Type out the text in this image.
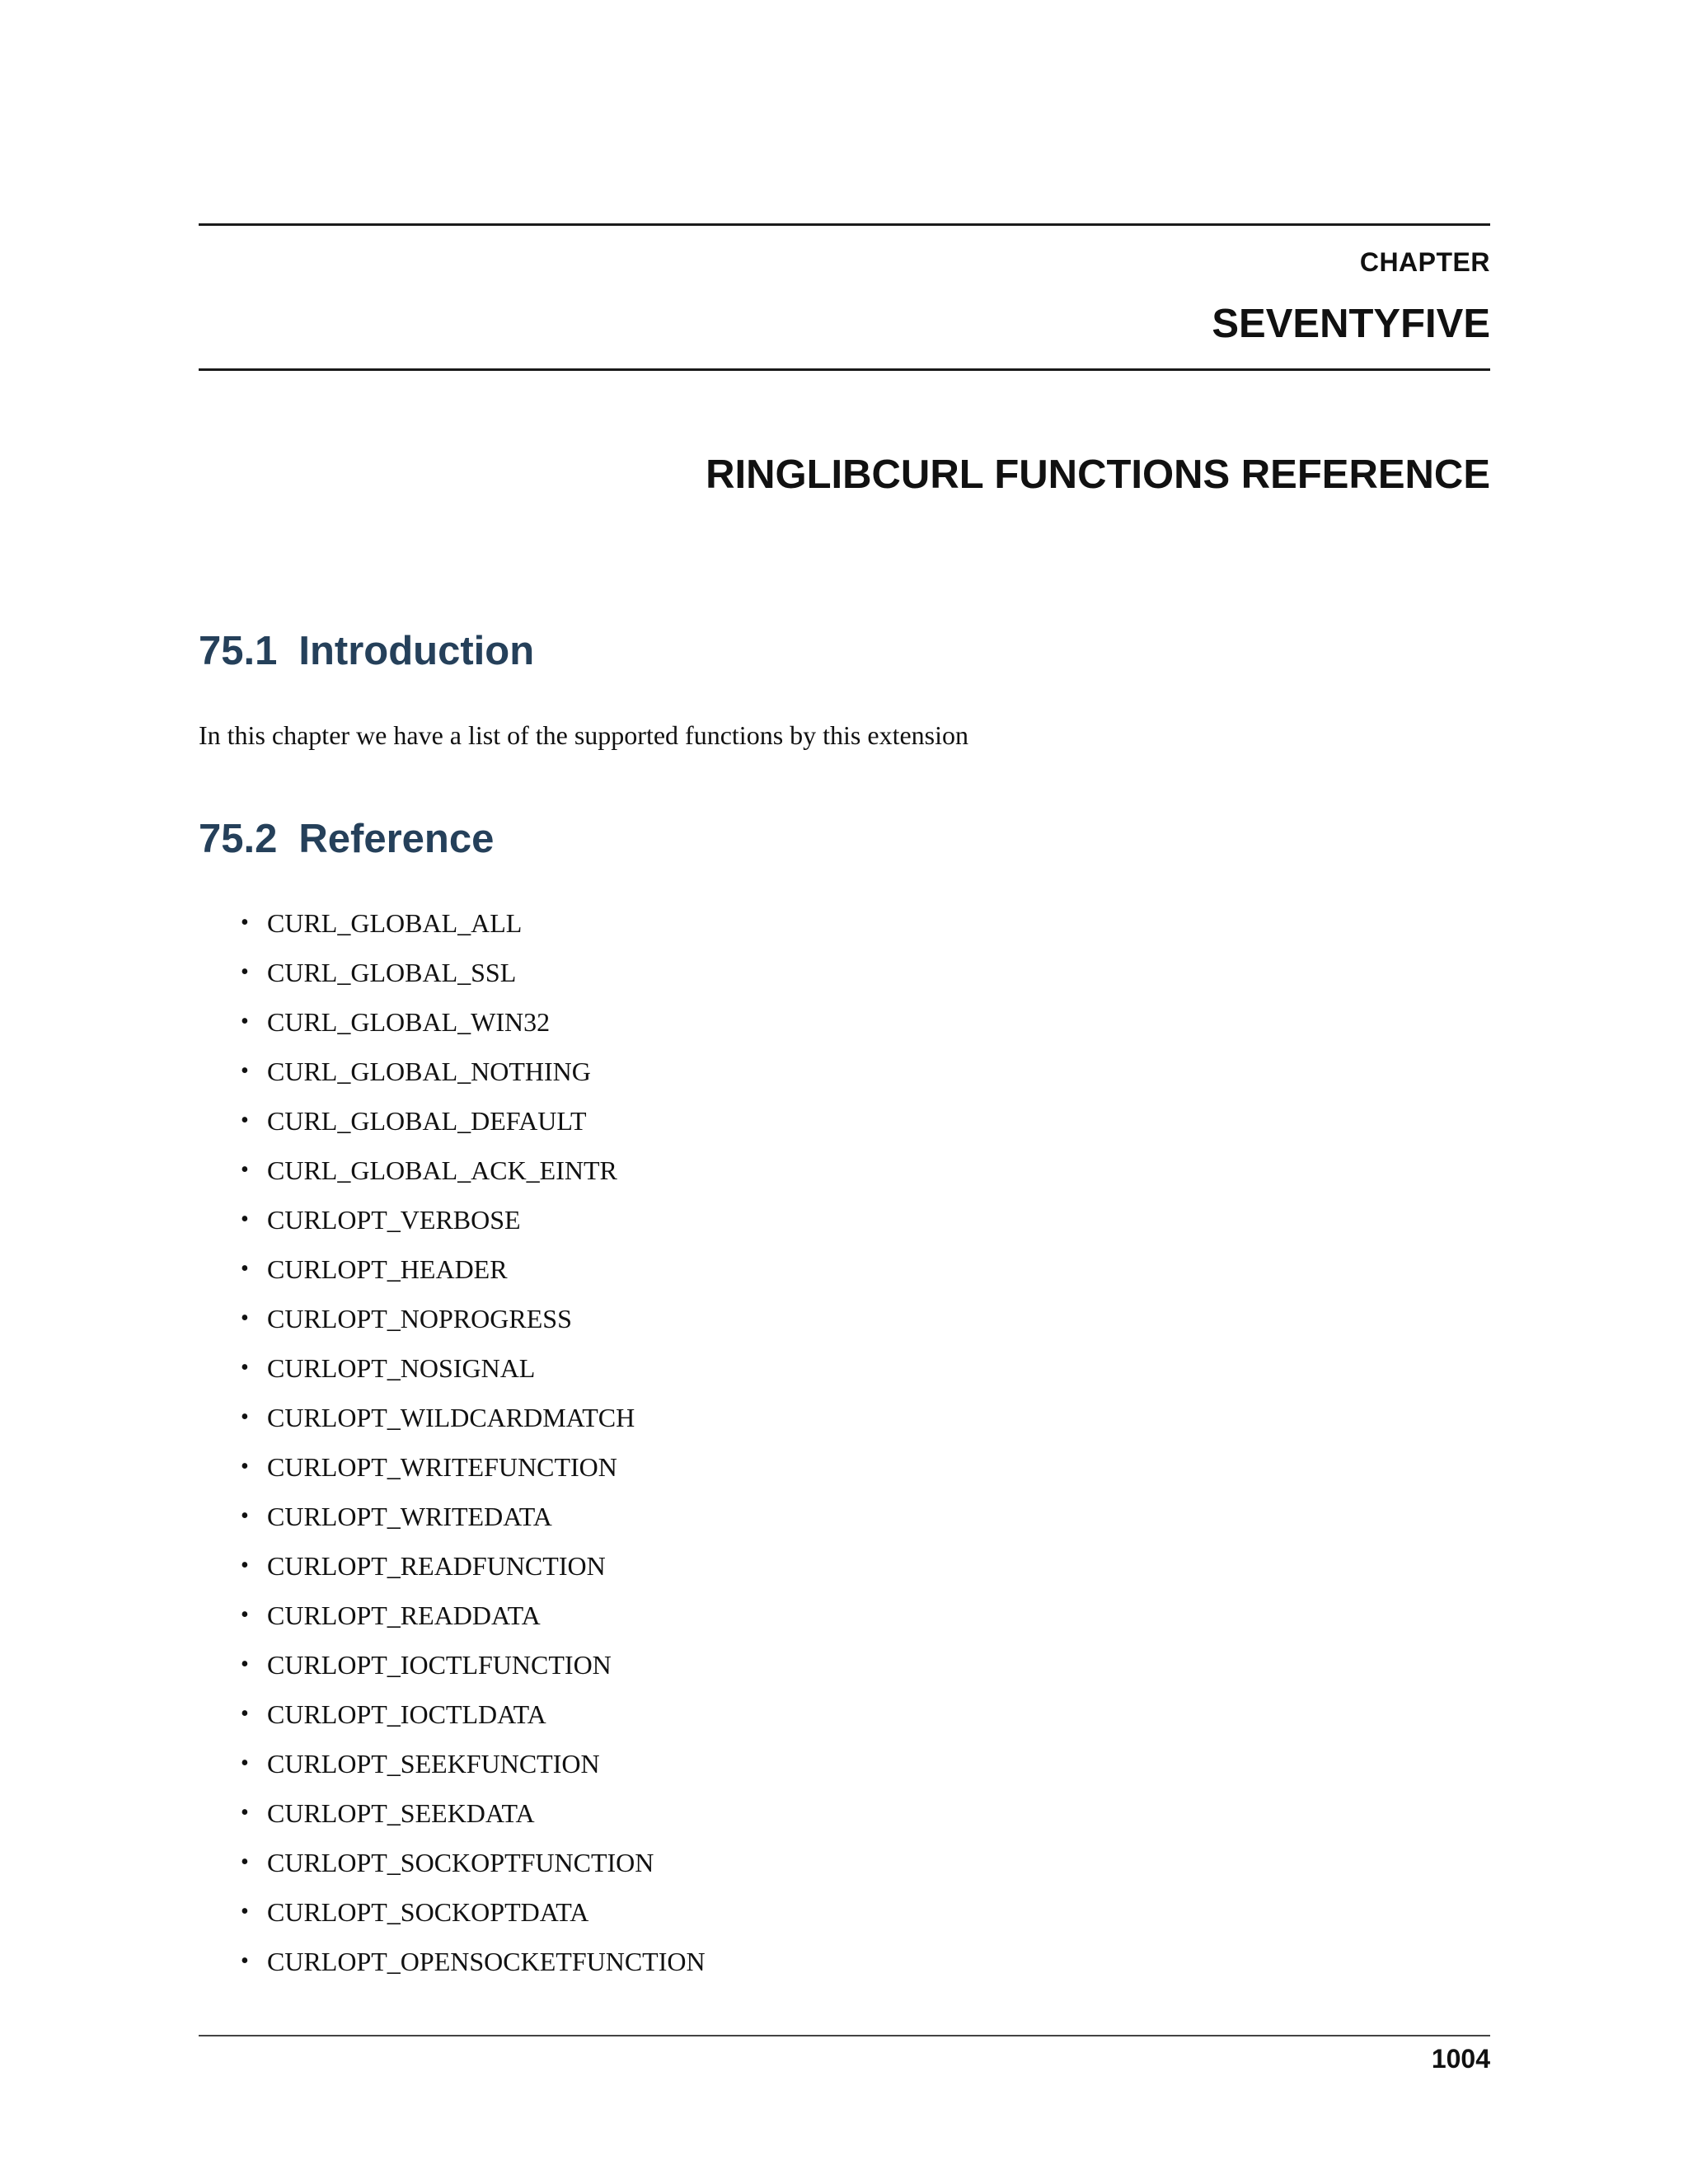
CHAPTER
SEVENTYFIVE
RINGLIBCURL FUNCTIONS REFERENCE
75.1 Introduction
In this chapter we have a list of the supported functions by this extension
75.2 Reference
• CURL_GLOBAL_ALL
• CURL_GLOBAL_SSL
• CURL_GLOBAL_WIN32
• CURL_GLOBAL_NOTHING
• CURL_GLOBAL_DEFAULT
• CURL_GLOBAL_ACK_EINTR
• CURLOPT_VERBOSE
• CURLOPT_HEADER
• CURLOPT_NOPROGRESS
• CURLOPT_NOSIGNAL
• CURLOPT_WILDCARDMATCH
• CURLOPT_WRITEFUNCTION
• CURLOPT_WRITEDATA
• CURLOPT_READFUNCTION
• CURLOPT_READDATA
• CURLOPT_IOCTLFUNCTION
• CURLOPT_IOCTLDATA
• CURLOPT_SEEKFUNCTION
• CURLOPT_SEEKDATA
• CURLOPT_SOCKOPTFUNCTION
• CURLOPT_SOCKOPTDATA
• CURLOPT_OPENSOCKETFUNCTION
1004
